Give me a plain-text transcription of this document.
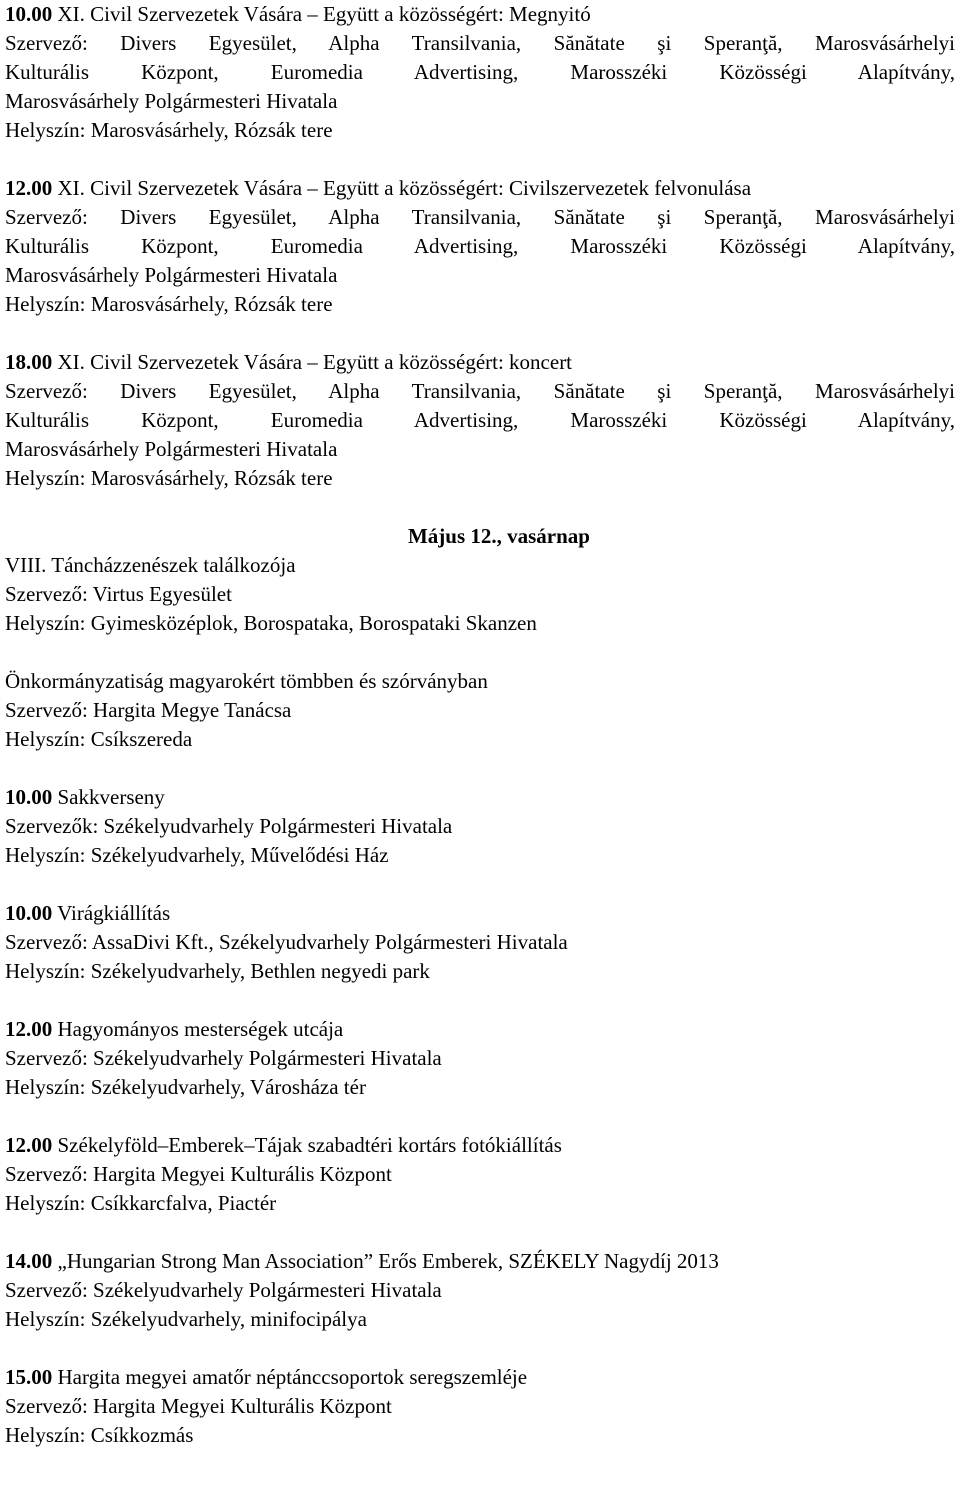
10.00 XI. Civil Szervezetek Vására – Együtt a közösségért: Megnyitó
Szervező: Divers Egyesület, Alpha Transilvania, Sănătate şi Speranţă, Marosvásárhelyi
Kulturális Központ, Euromedia Advertising, Marosszéki Közösségi Alapítvány,
Marosvásárhely Polgármesteri Hivatala
Helyszín: Marosvásárhely, Rózsák tere
12.00 XI. Civil Szervezetek Vására – Együtt a közösségért: Civilszervezetek felvonulása
Szervező: Divers Egyesület, Alpha Transilvania, Sănătate şi Speranţă, Marosvásárhelyi
Kulturális Központ, Euromedia Advertising, Marosszéki Közösségi Alapítvány,
Marosvásárhely Polgármesteri Hivatala
Helyszín: Marosvásárhely, Rózsák tere
18.00 XI. Civil Szervezetek Vására – Együtt a közösségért: koncert
Szervező: Divers Egyesület, Alpha Transilvania, Sănătate şi Speranţă, Marosvásárhelyi
Kulturális Központ, Euromedia Advertising, Marosszéki Közösségi Alapítvány,
Marosvásárhely Polgármesteri Hivatala
Helyszín: Marosvásárhely, Rózsák tere
Május 12., vasárnap
VIII. Táncházzenészek találkozója
Szervező: Virtus Egyesület
Helyszín: Gyimesközéplok, Borospataka, Borospataki Skanzen
Önkormányzatiság magyarokért tömbben és szórványban
Szervező: Hargita Megye Tanácsa
Helyszín: Csíkszereda
10.00 Sakkverseny
Szervezők: Székelyudvarhely Polgármesteri Hivatala
Helyszín: Székelyudvarhely, Művelődési Ház
10.00 Virágkiállítás
Szervező: AssaDivi Kft., Székelyudvarhely Polgármesteri Hivatala
Helyszín: Székelyudvarhely, Bethlen negyedi park
12.00 Hagyományos mesterségek utcája
Szervező: Székelyudvarhely Polgármesteri Hivatala
Helyszín: Székelyudvarhely, Városháza tér
12.00 Székelyföld–Emberek–Tájak szabadtéri kortárs fotókiállítás
Szervező: Hargita Megyei Kulturális Központ
Helyszín: Csíkkarcfalva, Piactér
14.00 „Hungarian Strong Man Association” Erős Emberek, SZÉKELY Nagydíj 2013
Szervező: Székelyudvarhely Polgármesteri Hivatala
Helyszín: Székelyudvarhely, minifocipálya
15.00 Hargita megyei amatőr néptánccsoportok seregszemléje
Szervező: Hargita Megyei Kulturális Központ
Helyszín: Csíkkozmás
